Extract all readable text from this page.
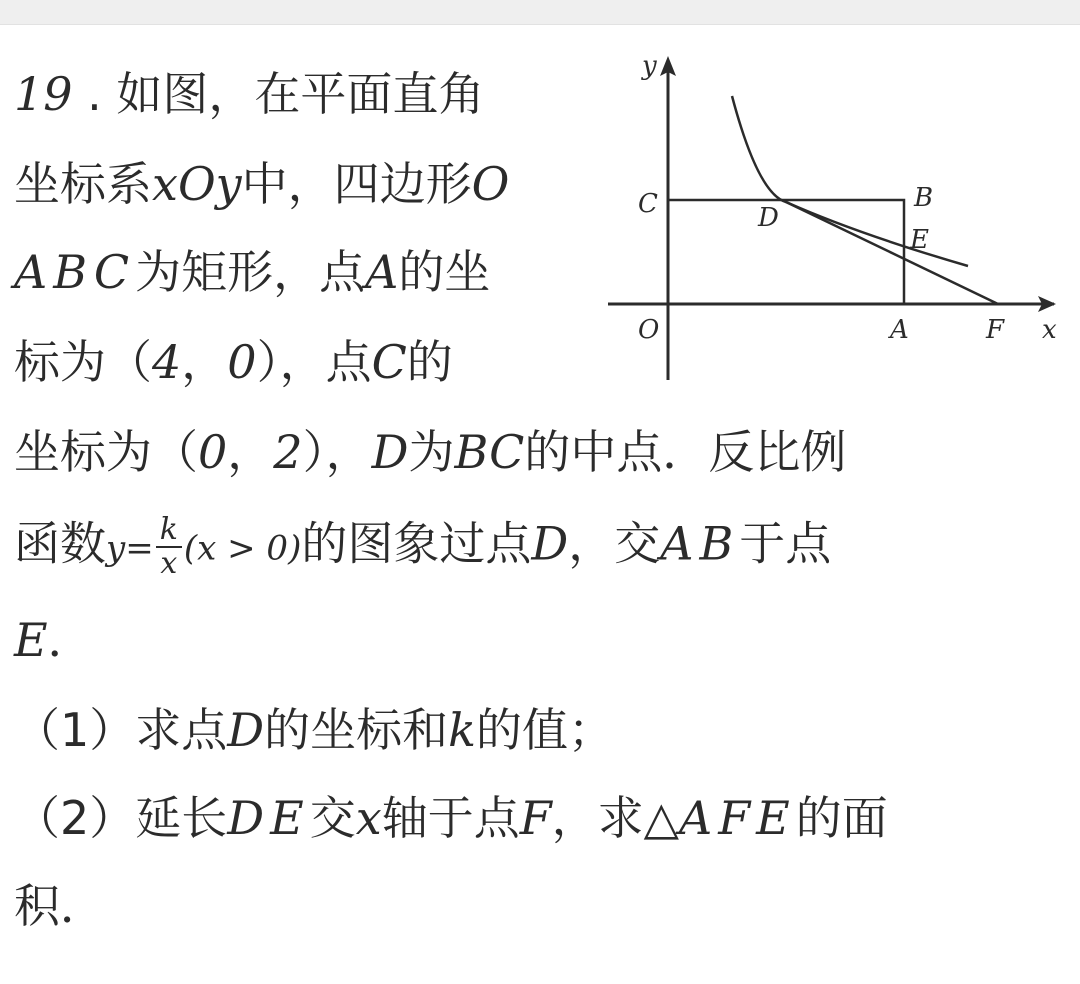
19 . 如图，在平面直角
坐标系xOy中，四边形O
ABC为矩形，点A的坐
标为（4，0），点C的
坐标为（0，2），D为BC的中点．反比例
函数$y= \frac{k}{x} (x > 0)$的图象过点D，交AB于点
E．
（1）求点D的坐标和k的值；
（2）延长DE交x轴于点F，求△AFE的面
积．
y
C	D
B
E
O	A	F x
